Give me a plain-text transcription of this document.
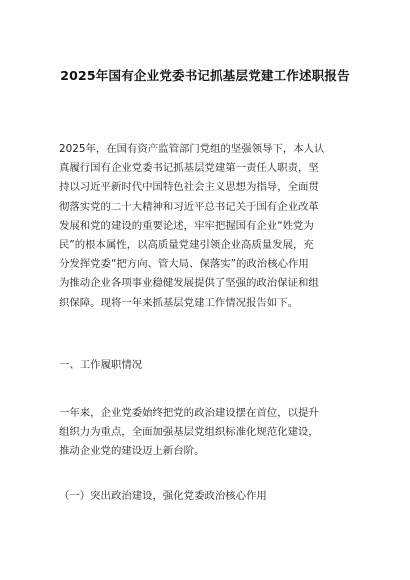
2025年国有企业党委书记抓基层党建工作述职报告

2025年，在国有资产监管部门党组的坚强领导下，本人认
真履行国有企业党委书记抓基层党建第一责任人职责，坚
持以习近平新时代中国特色社会主义思想为指导，全面贯
彻落实党的二十大精神和习近平总书记关于国有企业改革
发展和党的建设的重要论述，牢牢把握国有企业“姓党为
民”的根本属性，以高质量党建引领企业高质量发展，充
分发挥党委“把方向、管大局、保落实”的政治核心作用
为推动企业各项事业稳健发展提供了坚强的政治保证和组
织保障。现将一年来抓基层党建工作情况报告如下。

一、工作履职情况

一年来，企业党委始终把党的政治建设摆在首位，以提升
组织力为重点，全面加强基层党组织标准化规范化建设，
推动企业党的建设迈上新台阶。

（一）突出政治建设，强化党委政治核心作用
